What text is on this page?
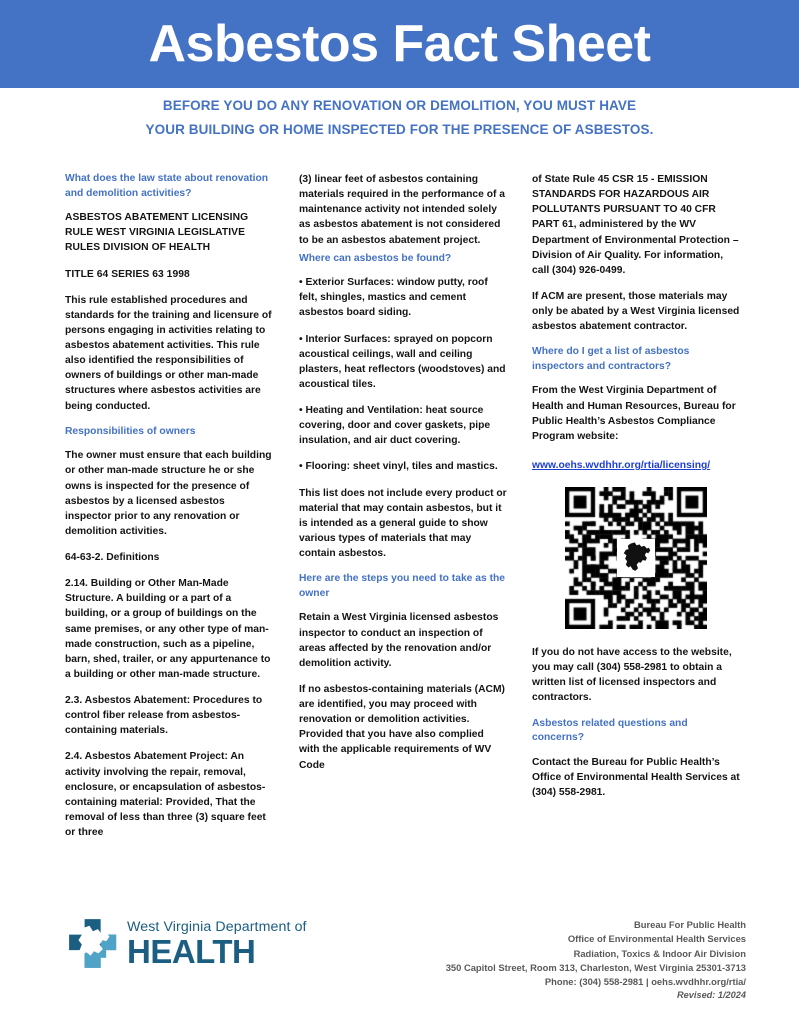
Asbestos Fact Sheet
BEFORE YOU DO ANY RENOVATION OR DEMOLITION, YOU MUST HAVE
YOUR BUILDING OR HOME INSPECTED FOR THE PRESENCE OF ASBESTOS.
What does the law state about renovation and demolition activities?

ASBESTOS ABATEMENT LICENSING RULE WEST VIRGINIA LEGISLATIVE RULES DIVISION OF HEALTH

TITLE 64 SERIES 63 1998

This rule established procedures and standards for the training and licensure of persons engaging in activities relating to asbestos abatement activities. This rule also identified the responsibilities of owners of buildings or other man-made structures where asbestos activities are being conducted.

Responsibilities of owners

The owner must ensure that each building or other man-made structure he or she owns is inspected for the presence of asbestos by a licensed asbestos inspector prior to any renovation or demolition activities.

64-63-2. Definitions

2.14. Building or Other Man-Made Structure. A building or a part of a building, or a group of buildings on the same premises, or any other type of man-made construction, such as a pipeline, barn, shed, trailer, or any appurtenance to a building or other man-made structure.

2.3. Asbestos Abatement: Procedures to control fiber release from asbestos-containing materials.

2.4. Asbestos Abatement Project: An activity involving the repair, removal, enclosure, or encapsulation of asbestos-containing material: Provided, That the removal of less than three (3) square feet or three

(3) linear feet of asbestos containing materials required in the performance of a maintenance activity not intended solely as asbestos abatement is not considered to be an asbestos abatement project.

Where can asbestos be found?

• Exterior Surfaces: window putty, roof felt, shingles, mastics and cement asbestos board siding.

• Interior Surfaces: sprayed on popcorn acoustical ceilings, wall and ceiling plasters, heat reflectors (woodstoves) and acoustical tiles.

• Heating and Ventilation: heat source covering, door and cover gaskets, pipe insulation, and air duct covering.

• Flooring: sheet vinyl, tiles and mastics.

This list does not include every product or material that may contain asbestos, but it is intended as a general guide to show various types of materials that may contain asbestos.

Here are the steps you need to take as the owner

Retain a West Virginia licensed asbestos inspector to conduct an inspection of areas affected by the renovation and/or demolition activity.

If no asbestos-containing materials (ACM) are identified, you may proceed with renovation or demolition activities. Provided that you have also complied with the applicable requirements of WV Code

of State Rule 45 CSR 15 - EMISSION STANDARDS FOR HAZARDOUS AIR POLLUTANTS PURSUANT TO 40 CFR PART 61, administered by the WV Department of Environmental Protection – Division of Air Quality. For information, call (304) 926-0499.

If ACM are present, those materials may only be abated by a West Virginia licensed asbestos abatement contractor.

Where do I get a list of asbestos inspectors and contractors?

From the West Virginia Department of Health and Human Resources, Bureau for Public Health’s Asbestos Compliance Program website:

www.oehs.wvdhhr.org/rtia/licensing/

If you do not have access to the website, you may call (304) 558-2981 to obtain a written list of licensed inspectors and contractors.

Asbestos related questions and concerns?

Contact the Bureau for Public Health’s Office of Environmental Health Services at (304) 558-2981.

West Virginia Department of
HEALTH
Bureau For Public Health
Office of Environmental Health Services
Radiation, Toxics & Indoor Air Division
350 Capitol Street, Room 313, Charleston, West Virginia 25301-3713
Phone: (304) 558-2981 | oehs.wvdhhr.org/rtia/
Revised: 1/2024
